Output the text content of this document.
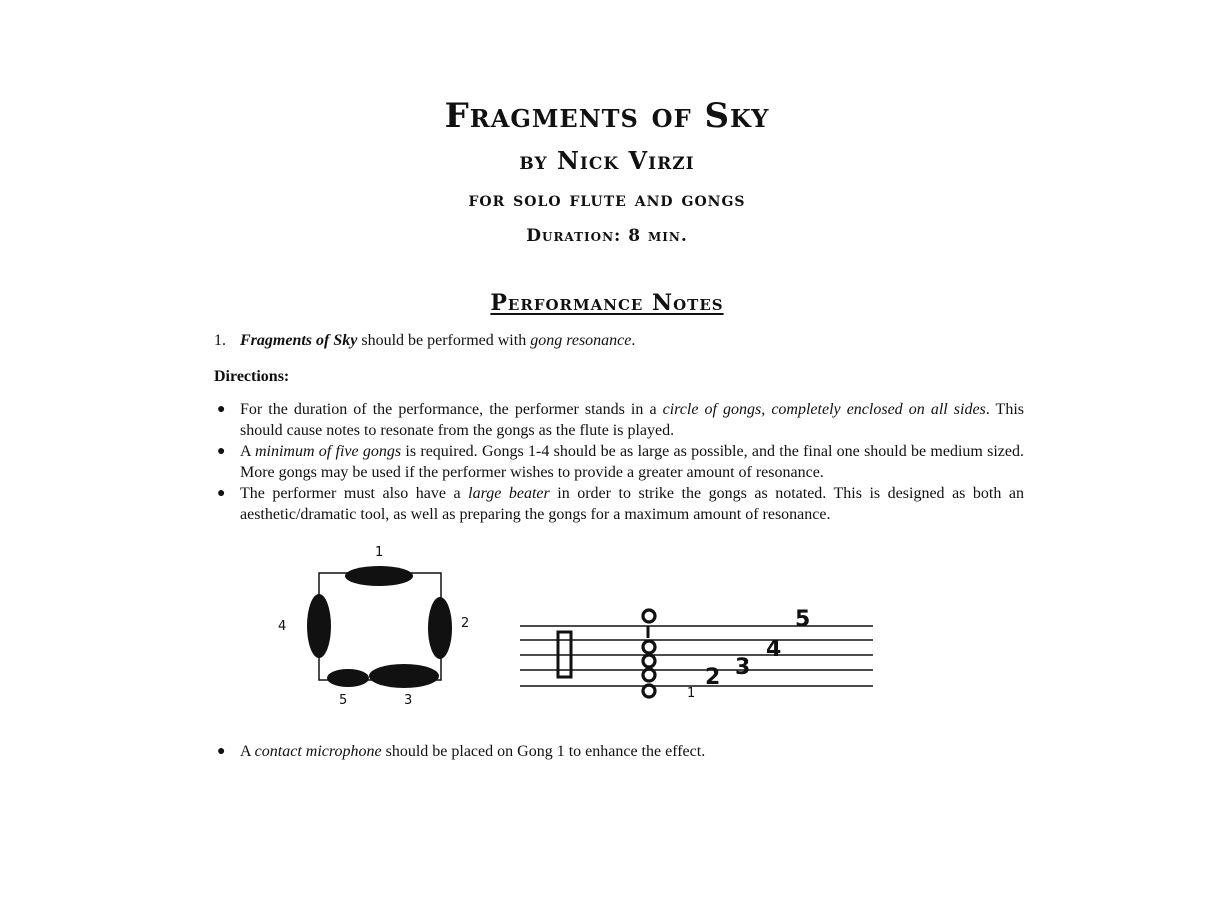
Fragments of Sky
by Nick Virzi
for solo flute and gongs
Duration: 8 min.
Performance Notes
1. Fragments of Sky should be performed with gong resonance.
Directions:
● For the duration of the performance, the performer stands in a circle of gongs, completely enclosed on all sides. This should cause notes to resonate from the gongs as the flute is played.
● A minimum of five gongs is required. Gongs 1-4 should be as large as possible, and the final one should be medium sized. More gongs may be used if the performer wishes to provide a greater amount of resonance.
● The performer must also have a large beater in order to strike the gongs as notated. This is designed as both an aesthetic/dramatic tool, as well as preparing the gongs for a maximum amount of resonance.
1
2
3
4
5	1
2 3
4
5
● A contact microphone should be placed on Gong 1 to enhance the effect.
